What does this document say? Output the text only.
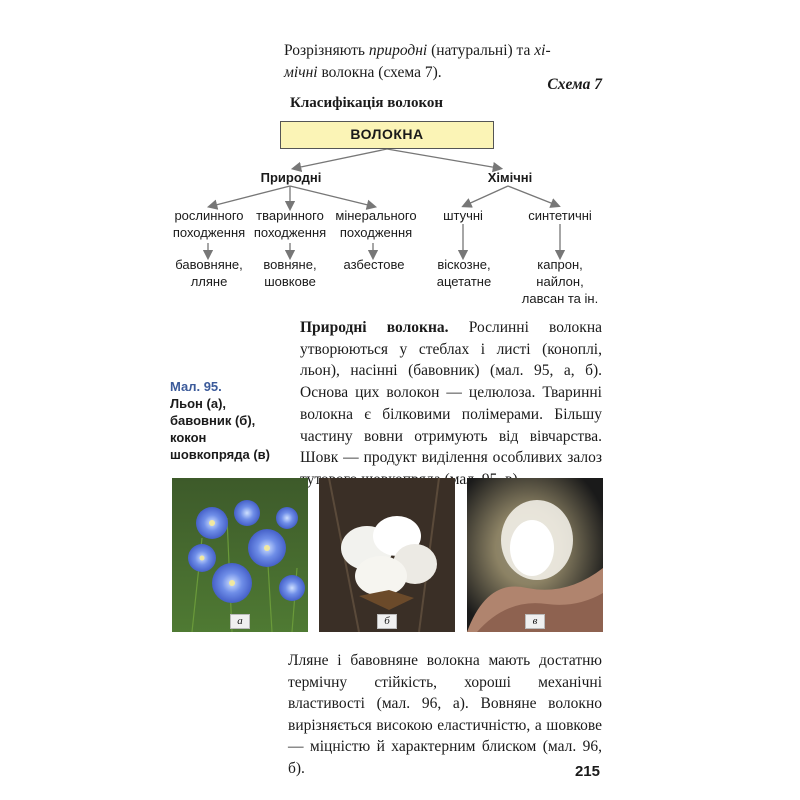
Розрізняють природні (натуральні) та хі-
мічні волокна (схема 7).
Схема 7
Класифікація волокон
ВОЛОКНА
Природні	Хімічні
рослинного
походження
тваринного
походження
мінерального
походження
штучні	синтетичні
бавовняне,
лляне
вовняне,
шовкове
азбестове	віскозне,
ацетатне
капрон,
найлон,
лавсан та ін.
Природні волокна. Рослинні волокна утворюються у стеблах і листі (коноплі, льон), насінні (бавовник) (мал. 95, а, б). Основа цих волокон — целюлоза. Тваринні волокна є білковими полімерами. Більшу частину вовни отримують від вівчарства. Шовк — продукт виділення особливих залоз (мал.
Мал. 95.
Льон (а),
бавовник (б),
кокон
шовкопряда (в)
а	б	в
Лляне і бавовняне волокна мають достатню термічну стійкість, хороші механічні властивості (мал. 96, а). Вовняне волокно вирізняється високою еластичністю, а шовкове — міцністю й характерним блиском (мал. 96, б).	215
